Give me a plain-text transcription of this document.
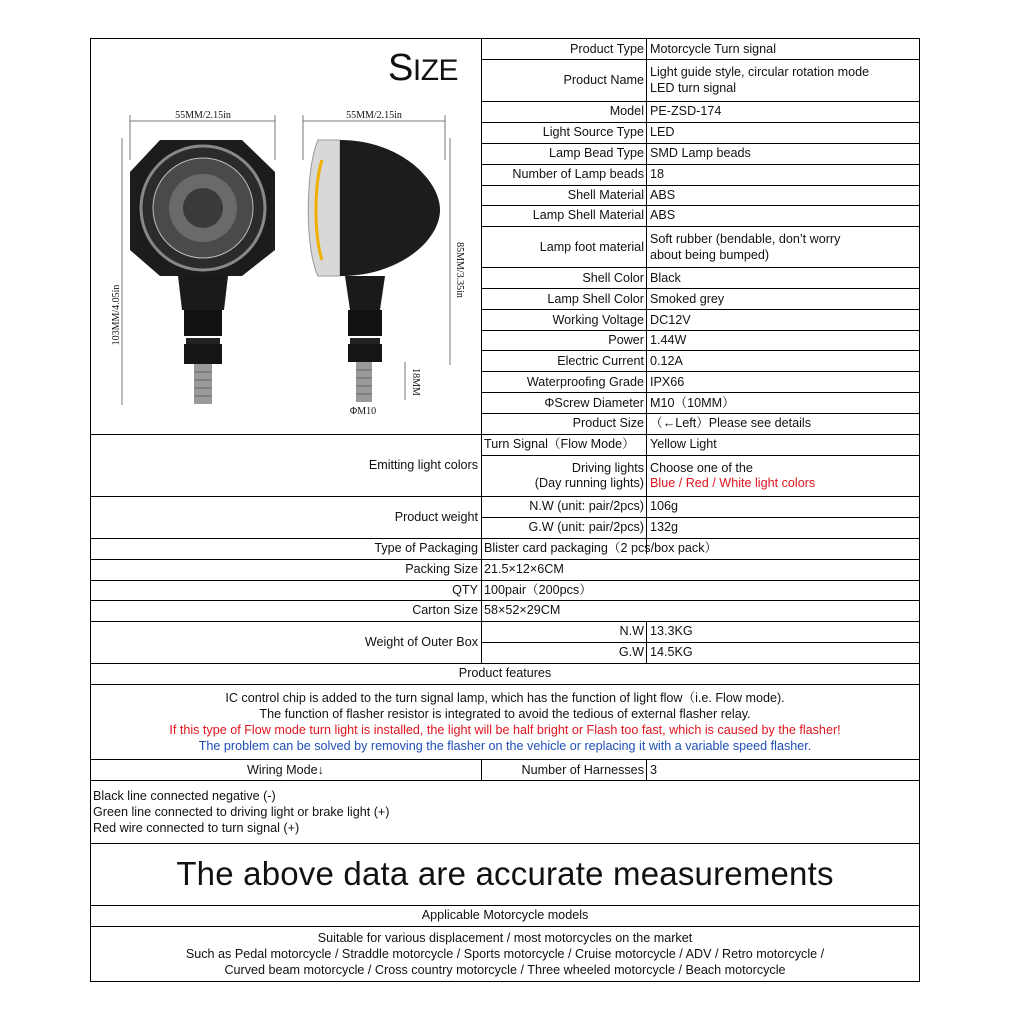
SIZE
55MM/2.15in
103MM/4.05in
55MM/2.15in
85MM/3.35in
18MM
ΦM10
Product Type Motorcycle Turn signal
Product Name
Light guide style, circular rotation mode
LED turn signal
Model PE-ZSD-174
Light Source Type LED
Lamp Bead Type SMD Lamp beads
Number of Lamp beads 18
Shell Material ABS
Lamp Shell Material ABS
Lamp foot material
Soft rubber (bendable, don’t worry
about being bumped)
Shell Color Black
Lamp Shell Color Smoked grey
Working Voltage DC12V
Power 1.44W
Electric Current 0.12A
Waterproofing Grade IPX66
ΦScrew Diameter M10（10MM）
Product Size （←Left）Please see details
Emitting light colors
Turn Signal（Flow Mode）	Yellow Light
Driving lights
(Day running lights)
Choose one of the
Blue / Red / White light colors
Product weight
N.W (unit: pair/2pcs) 106g
G.W (unit: pair/2pcs) 132g
Type of Packaging Blister card packaging（2 pcs/box pack）
Packing Size 21.5×12×6CM
QTY 100pair（200pcs）
Carton Size 58×52×29CM
Weight of Outer Box
N.W 13.3KG
G.W 14.5KG
Product features
IC control chip is added to the turn signal lamp, which has the function of light flow（i.e. Flow mode).
The function of flasher resistor is integrated to avoid the tedious of external flasher relay.
If this type of Flow mode turn light is installed, the light will be half bright or Flash too fast, which is caused by the flasher!
The problem can be solved by removing the flasher on the vehicle or replacing it with a variable speed flasher.
Wiring Mode↓	Number of Harnesses 3
Black line connected negative (-)
Green line connected to driving light or brake light (+)
Red wire connected to turn signal (+)
The above data are accurate measurements
Applicable Motorcycle models
Suitable for various displacement / most motorcycles on the market
Such as Pedal motorcycle / Straddle motorcycle / Sports motorcycle / Cruise motorcycle / ADV / Retro motorcycle /
Curved beam motorcycle / Cross country motorcycle / Three wheeled motorcycle / Beach motorcycle
